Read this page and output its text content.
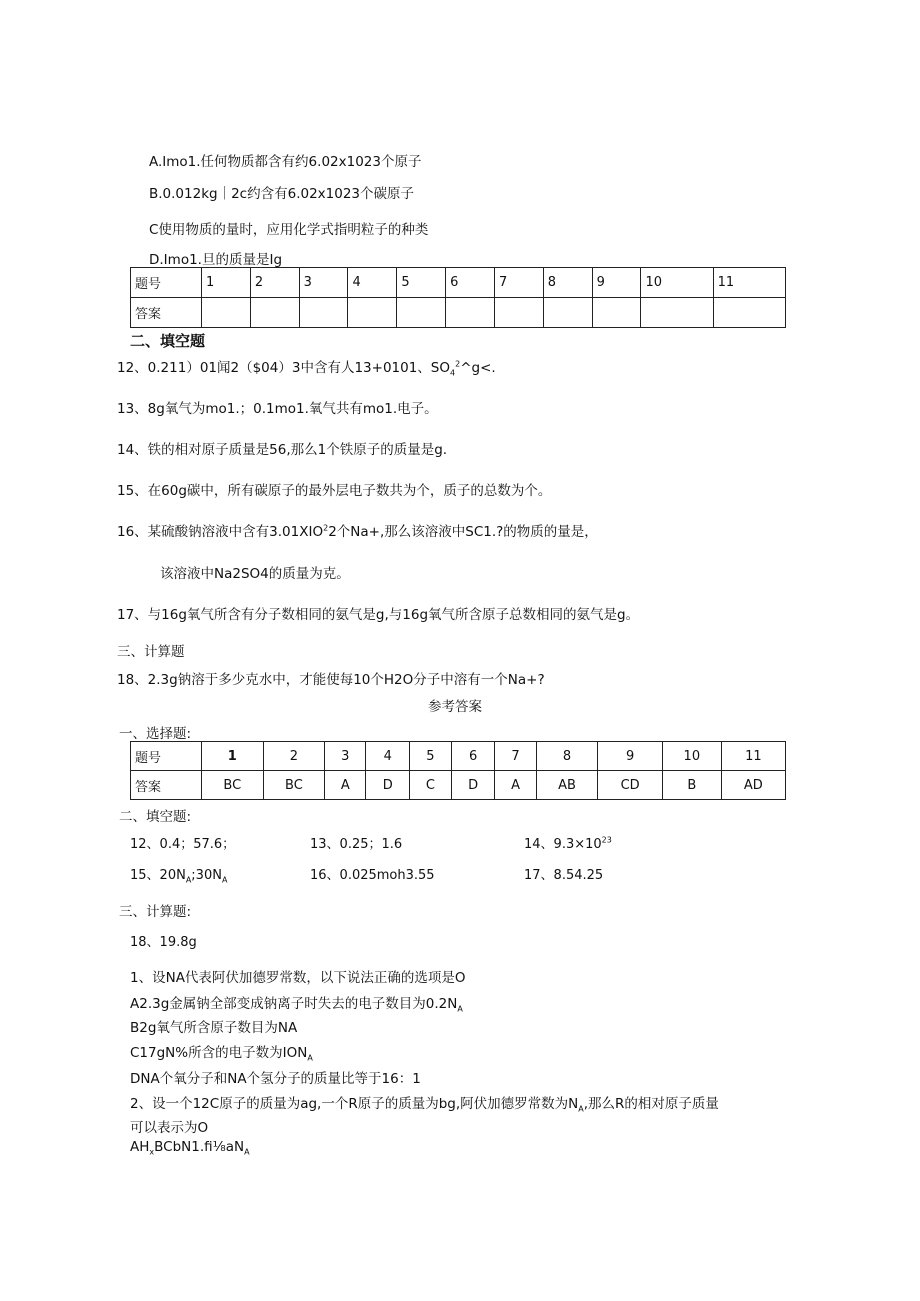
A.Imo1.任何物质都含有约6.02x1023个原子
B.0.012kg｜2c约含有6.02x1023个碳原子
C使用物质的量时，应用化学式指明粒子的种类
D.Imo1.旦的质量是Ig
题号	1	2	3	4	5	6	7	8	9	10	11
答案											
二、填空题
12、0.211）01闻2（$04）3中含有人13+0101、$SO_4^2\^{}g<$.
13、8g氧气为mo1.；0.1mo1.氧气共有mo1.电子。
14、铁的相对原子质量是56,那么1个铁原子的质量是g.
15、在60g碳中，所有碳原子的最外层电子数共为个，质子的总数为个。
16、某硫酸钠溶液中含有3.01XIO$^2$2个Na+,那么该溶液中SC1.?的物质的量是，
该溶液中Na2SO4的质量为克。
17、与16g氧气所含有分子数相同的氨气是g,与16g氧气所含原子总数相同的氨气是g。
三、计算题
18、2.3g钠溶于多少克水中，才能使每10个H2O分子中溶有一个Na+?
参考答案
一、选择题:
题号	1	2	3	4	5	6	7	8	9	10	11
答案	BC	BC	A	D	C	D	A	AB	CD	B	AD
二、填空题:
12、0.4；57.6；	13、0.25；1.6	14、$9.3\times 10^{23}$
15、$20N_A;30N_A$	16、0.025moh3.55	17、8.54.25
三、计算题:
18、19.8g
1、设NA代表阿伏加德罗常数，以下说法正确的选项是O
A2.3g金属钠全部变成钠离子时失去的电子数目为$0.2N_A$
B2g氧气所含原子数目为NA
C17gN%所含的电子数为$ION_A$
DNA个氧分子和NA个氢分子的质量比等于16：1
2、设一个12C原子的质量为ag,一个R原子的质量为bg,阿伏加德罗常数为$N_A$,那么R的相对原子质量
可以表示为O
$AH_xBCbN1.fi\frac{1}{8}aN_A$
